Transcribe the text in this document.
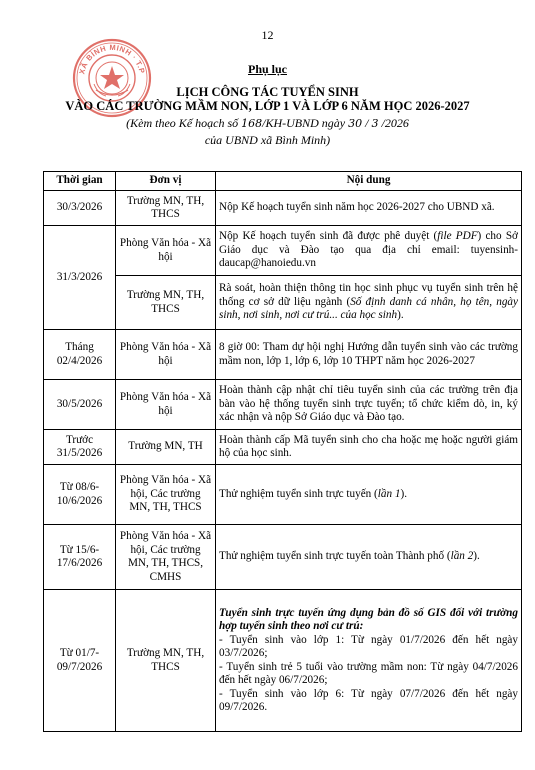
12
XÃ BÌNH MINH · T.P	Phụ lục

LỊCH CÔNG TÁC TUYỂN SINH

VÀO CÁC TRƯỜNG MẦM NON, LỚP 1 VÀ LỚP 6 NĂM HỌC 2026-2027

(Kèm theo Kế hoạch số 168/KH-UBND ngày 30 / 3 /2026

của UBND xã Bình Minh)

Thời gian	Đơn vị	Nội dung
30/3/2026	Trường MN, TH, THCS	Nộp Kế hoạch tuyển sinh năm học 2026-2027 cho UBND xã.
31/3/2026	Phòng Văn hóa - Xã hội	Nộp Kế hoạch tuyển sinh đã được phê duyệt (file PDF) cho Sở Giáo dục và Đào tạo qua địa chỉ email: tuyensinh-daucap@hanoiedu.vn
	Trường MN, TH, THCS	Rà soát, hoàn thiện thông tin học sinh phục vụ tuyển sinh trên hệ thống cơ sở dữ liệu ngành (Số định danh cá nhân, họ tên, ngày sinh, nơi sinh, nơi cư trú... của học sinh).
Tháng 02/4/2026	Phòng Văn hóa - Xã hội	8 giờ 00: Tham dự hội nghị Hướng dẫn tuyển sinh vào các trường mầm non, lớp 1, lớp 6, lớp 10 THPT năm học 2026-2027
30/5/2026	Phòng Văn hóa - Xã hội	Hoàn thành cập nhật chỉ tiêu tuyển sinh của các trường trên địa bàn vào hệ thống tuyển sinh trực tuyến; tổ chức kiểm dò, in, ký xác nhận và nộp Sở Giáo dục và Đào tạo.
Trước 31/5/2026	Trường MN, TH	Hoàn thành cấp Mã tuyển sinh cho cha hoặc mẹ hoặc người giám hộ của học sinh.
Từ 08/6-10/6/2026	Phòng Văn hóa - Xã hội, Các trường MN, TH, THCS	Thử nghiệm tuyển sinh trực tuyến (lần 1).
Từ 15/6-17/6/2026	Phòng Văn hóa - Xã hội, Các trường MN, TH, THCS, CMHS	Thử nghiệm tuyển sinh trực tuyến toàn Thành phố (lần 2).
Từ 01/7-09/7/2026	Trường MN, TH, THCS	Tuyển sinh trực tuyến ứng dụng bản đồ số GIS đối với trường hợp tuyển sinh theo nơi cư trú:
- Tuyển sinh vào lớp 1: Từ ngày 01/7/2026 đến hết ngày 03/7/2026;
- Tuyển sinh trẻ 5 tuổi vào trường mầm non: Từ ngày 04/7/2026 đến hết ngày 06/7/2026;
- Tuyển sinh vào lớp 6: Từ ngày 07/7/2026 đến hết ngày 09/7/2026.
